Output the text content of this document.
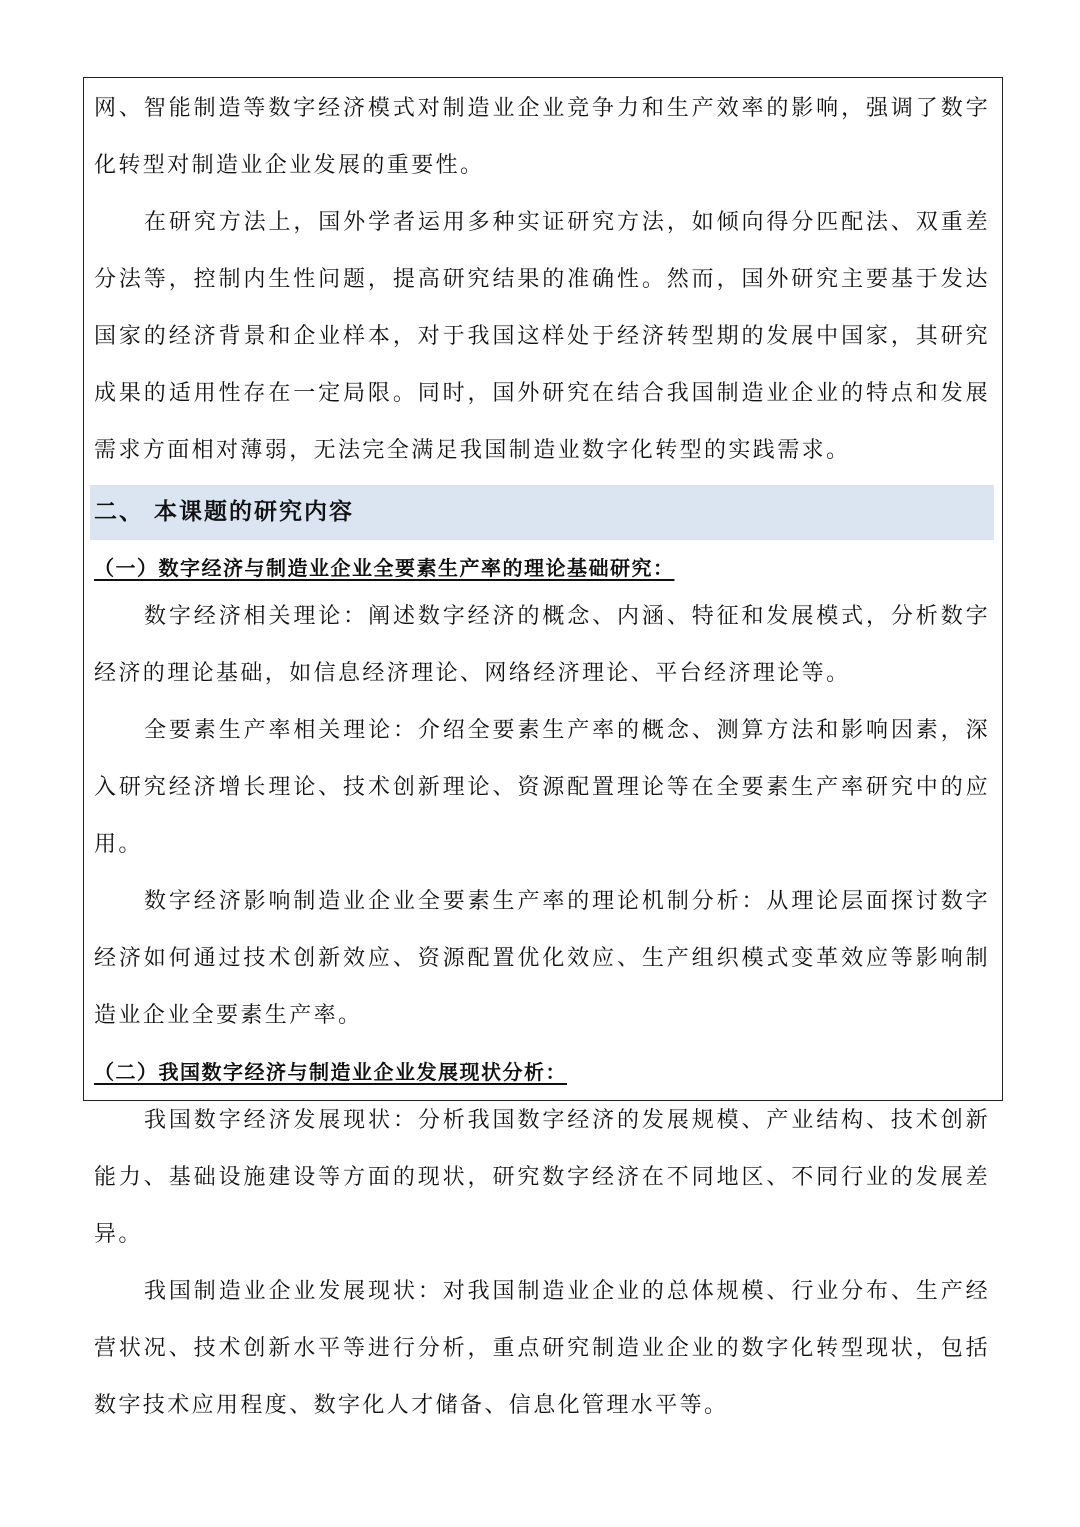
网、智能制造等数字经济模式对制造业企业竞争力和生产效率的影响，强调了数字化转型对制造业企业发展的重要性。

在研究方法上，国外学者运用多种实证研究方法，如倾向得分匹配法、双重差分法等，控制内生性问题，提高研究结果的准确性。然而，国外研究主要基于发达国家的经济背景和企业样本，对于我国这样处于经济转型期的发展中国家，其研究成果的适用性存在一定局限。同时，国外研究在结合我国制造业企业的特点和发展需求方面相对薄弱，无法完全满足我国制造业数字化转型的实践需求。

二、 本课题的研究内容
（一）数字经济与制造业企业全要素生产率的理论基础研究：

数字经济相关理论：阐述数字经济的概念、内涵、特征和发展模式，分析数字经济的理论基础，如信息经济理论、网络经济理论、平台经济理论等。

全要素生产率相关理论：介绍全要素生产率的概念、测算方法和影响因素，深入研究经济增长理论、技术创新理论、资源配置理论等在全要素生产率研究中的应用。

数字经济影响制造业企业全要素生产率的理论机制分析：从理论层面探讨数字经济如何通过技术创新效应、资源配置优化效应、生产组织模式变革效应等影响制造业企业全要素生产率。

（二）我国数字经济与制造业企业发展现状分析：

我国数字经济发展现状：分析我国数字经济的发展规模、产业结构、技术创新能力、基础设施建设等方面的现状，研究数字经济在不同地区、不同行业的发展差异。

我国制造业企业发展现状：对我国制造业企业的总体规模、行业分布、生产经营状况、技术创新水平等进行分析，重点研究制造业企业的数字化转型现状，包括数字技术应用程度、数字化人才储备、信息化管理水平等。
